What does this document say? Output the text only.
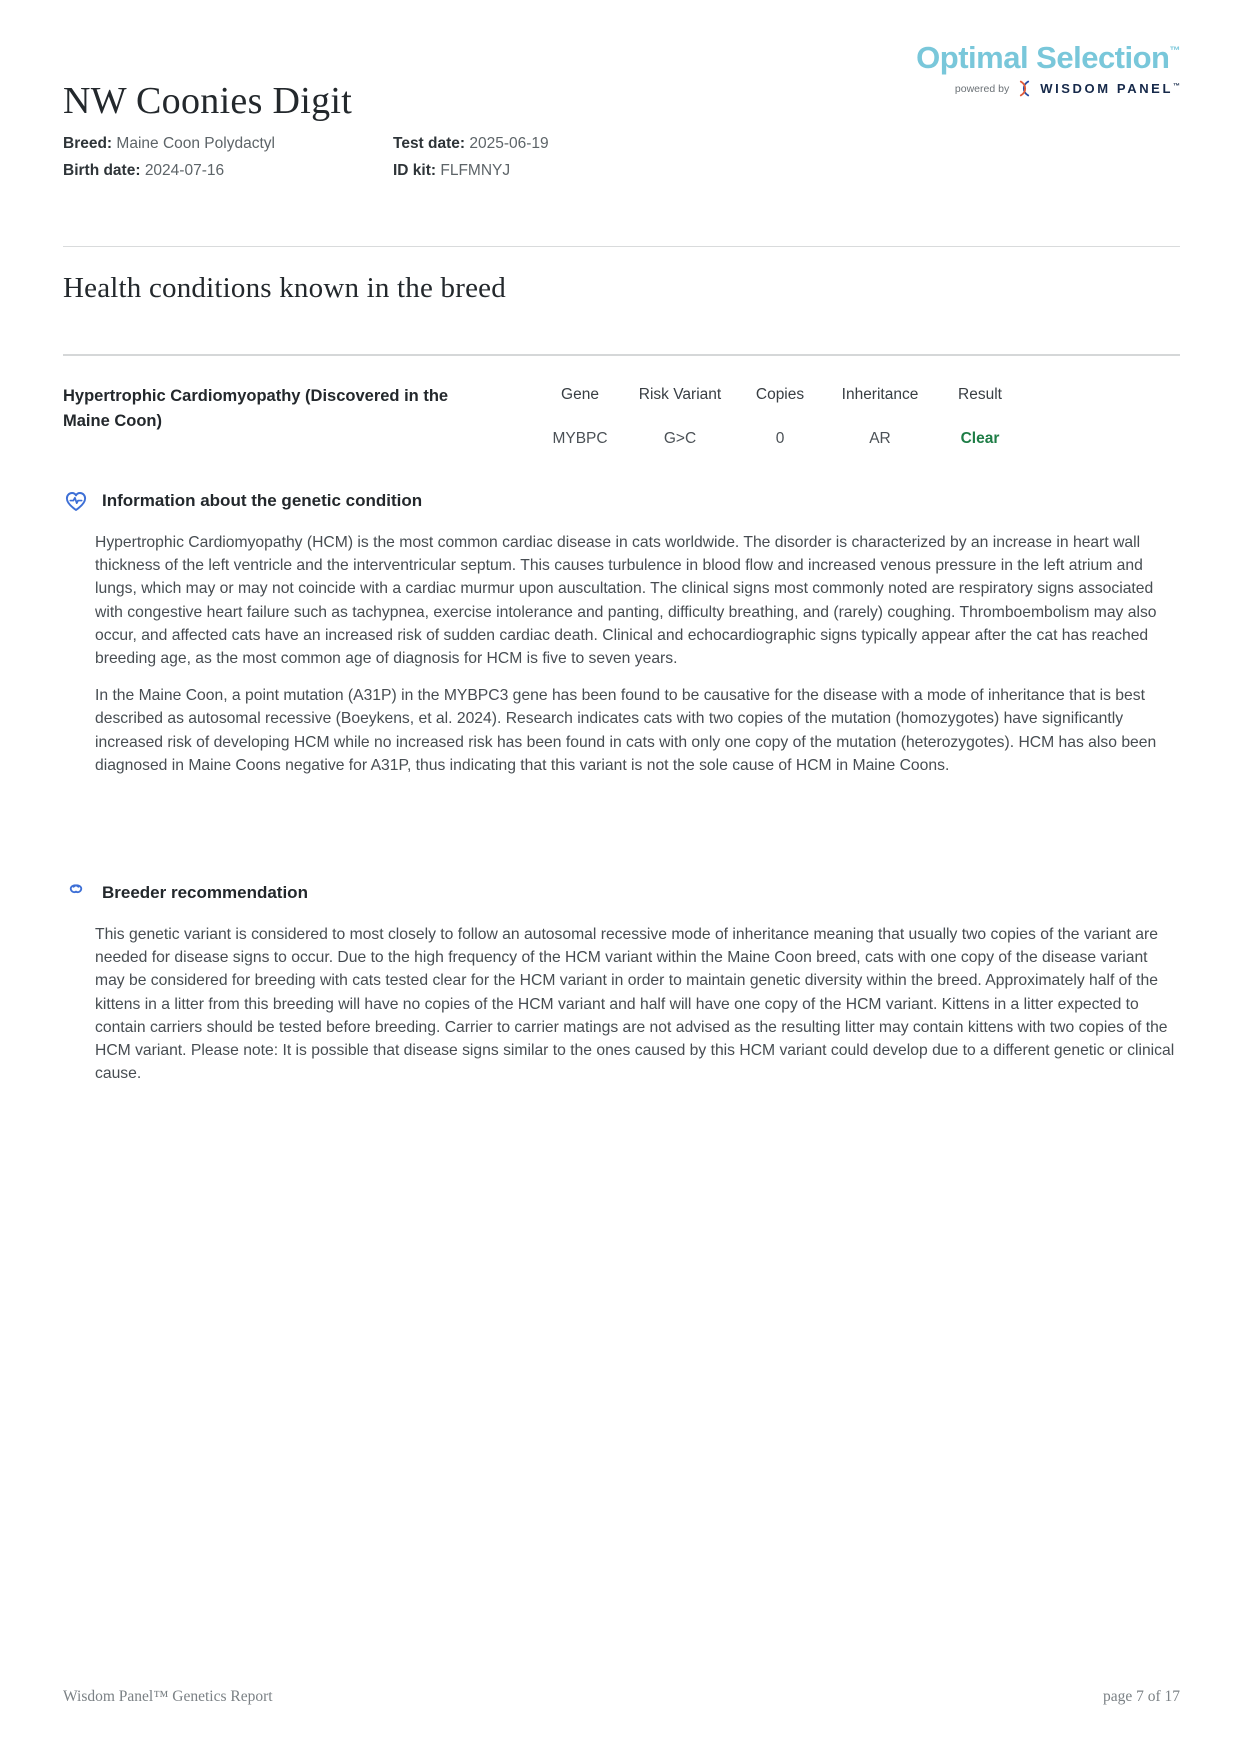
NW Coonies Digit
Optimal Selection™
powered by WISDOM PANEL™
Breed: Maine Coon Polydactyl	Test date: 2025-06-19
Birth date: 2024-07-16	ID kit: FLFMNYJ
Health conditions known in the breed
Hypertrophic Cardiomyopathy (Discovered in the Maine Coon)
Gene	Risk Variant	Copies	Inheritance	Result
MYBPC	G>C	0	AR	Clear
Information about the genetic condition

Hypertrophic Cardiomyopathy (HCM) is the most common cardiac disease in cats worldwide. The disorder is characterized by an increase in heart wall thickness of the left ventricle and the interventricular septum. This causes turbulence in blood flow and increased venous pressure in the left atrium and lungs, which may or may not coincide with a cardiac murmur upon auscultation. The clinical signs most commonly noted are respiratory signs associated with congestive heart failure such as tachypnea, exercise intolerance and panting, difficulty breathing, and (rarely) coughing. Thromboembolism may also occur, and affected cats have an increased risk of sudden cardiac death. Clinical and echocardiographic signs typically appear after the cat has reached breeding age, as the most common age of diagnosis for HCM is five to seven years.

In the Maine Coon, a point mutation (A31P) in the MYBPC3 gene has been found to be causative for the disease with a mode of inheritance that is best described as autosomal recessive (Boeykens, et al. 2024). Research indicates cats with two copies of the mutation (homozygotes) have significantly increased risk of developing HCM while no increased risk has been found in cats with only one copy of the mutation (heterozygotes). HCM has also been diagnosed in Maine Coons negative for A31P, thus indicating that this variant is not the sole cause of HCM in Maine Coons.

Breeder recommendation

This genetic variant is considered to most closely to follow an autosomal recessive mode of inheritance meaning that usually two copies of the variant are needed for disease signs to occur. Due to the high frequency of the HCM variant within the Maine Coon breed, cats with one copy of the disease variant may be considered for breeding with cats tested clear for the HCM variant in order to maintain genetic diversity within the breed. Approximately half of the kittens in a litter from this breeding will have no copies of the HCM variant and half will have one copy of the HCM variant. Kittens in a litter expected to contain carriers should be tested before breeding. Carrier to carrier matings are not advised as the resulting litter may contain kittens with two copies of the HCM variant. Please note: It is possible that disease signs similar to the ones caused by this HCM variant could develop due to a different genetic or clinical cause.

Wisdom Panel™ Genetics Report	page 7 of 17
